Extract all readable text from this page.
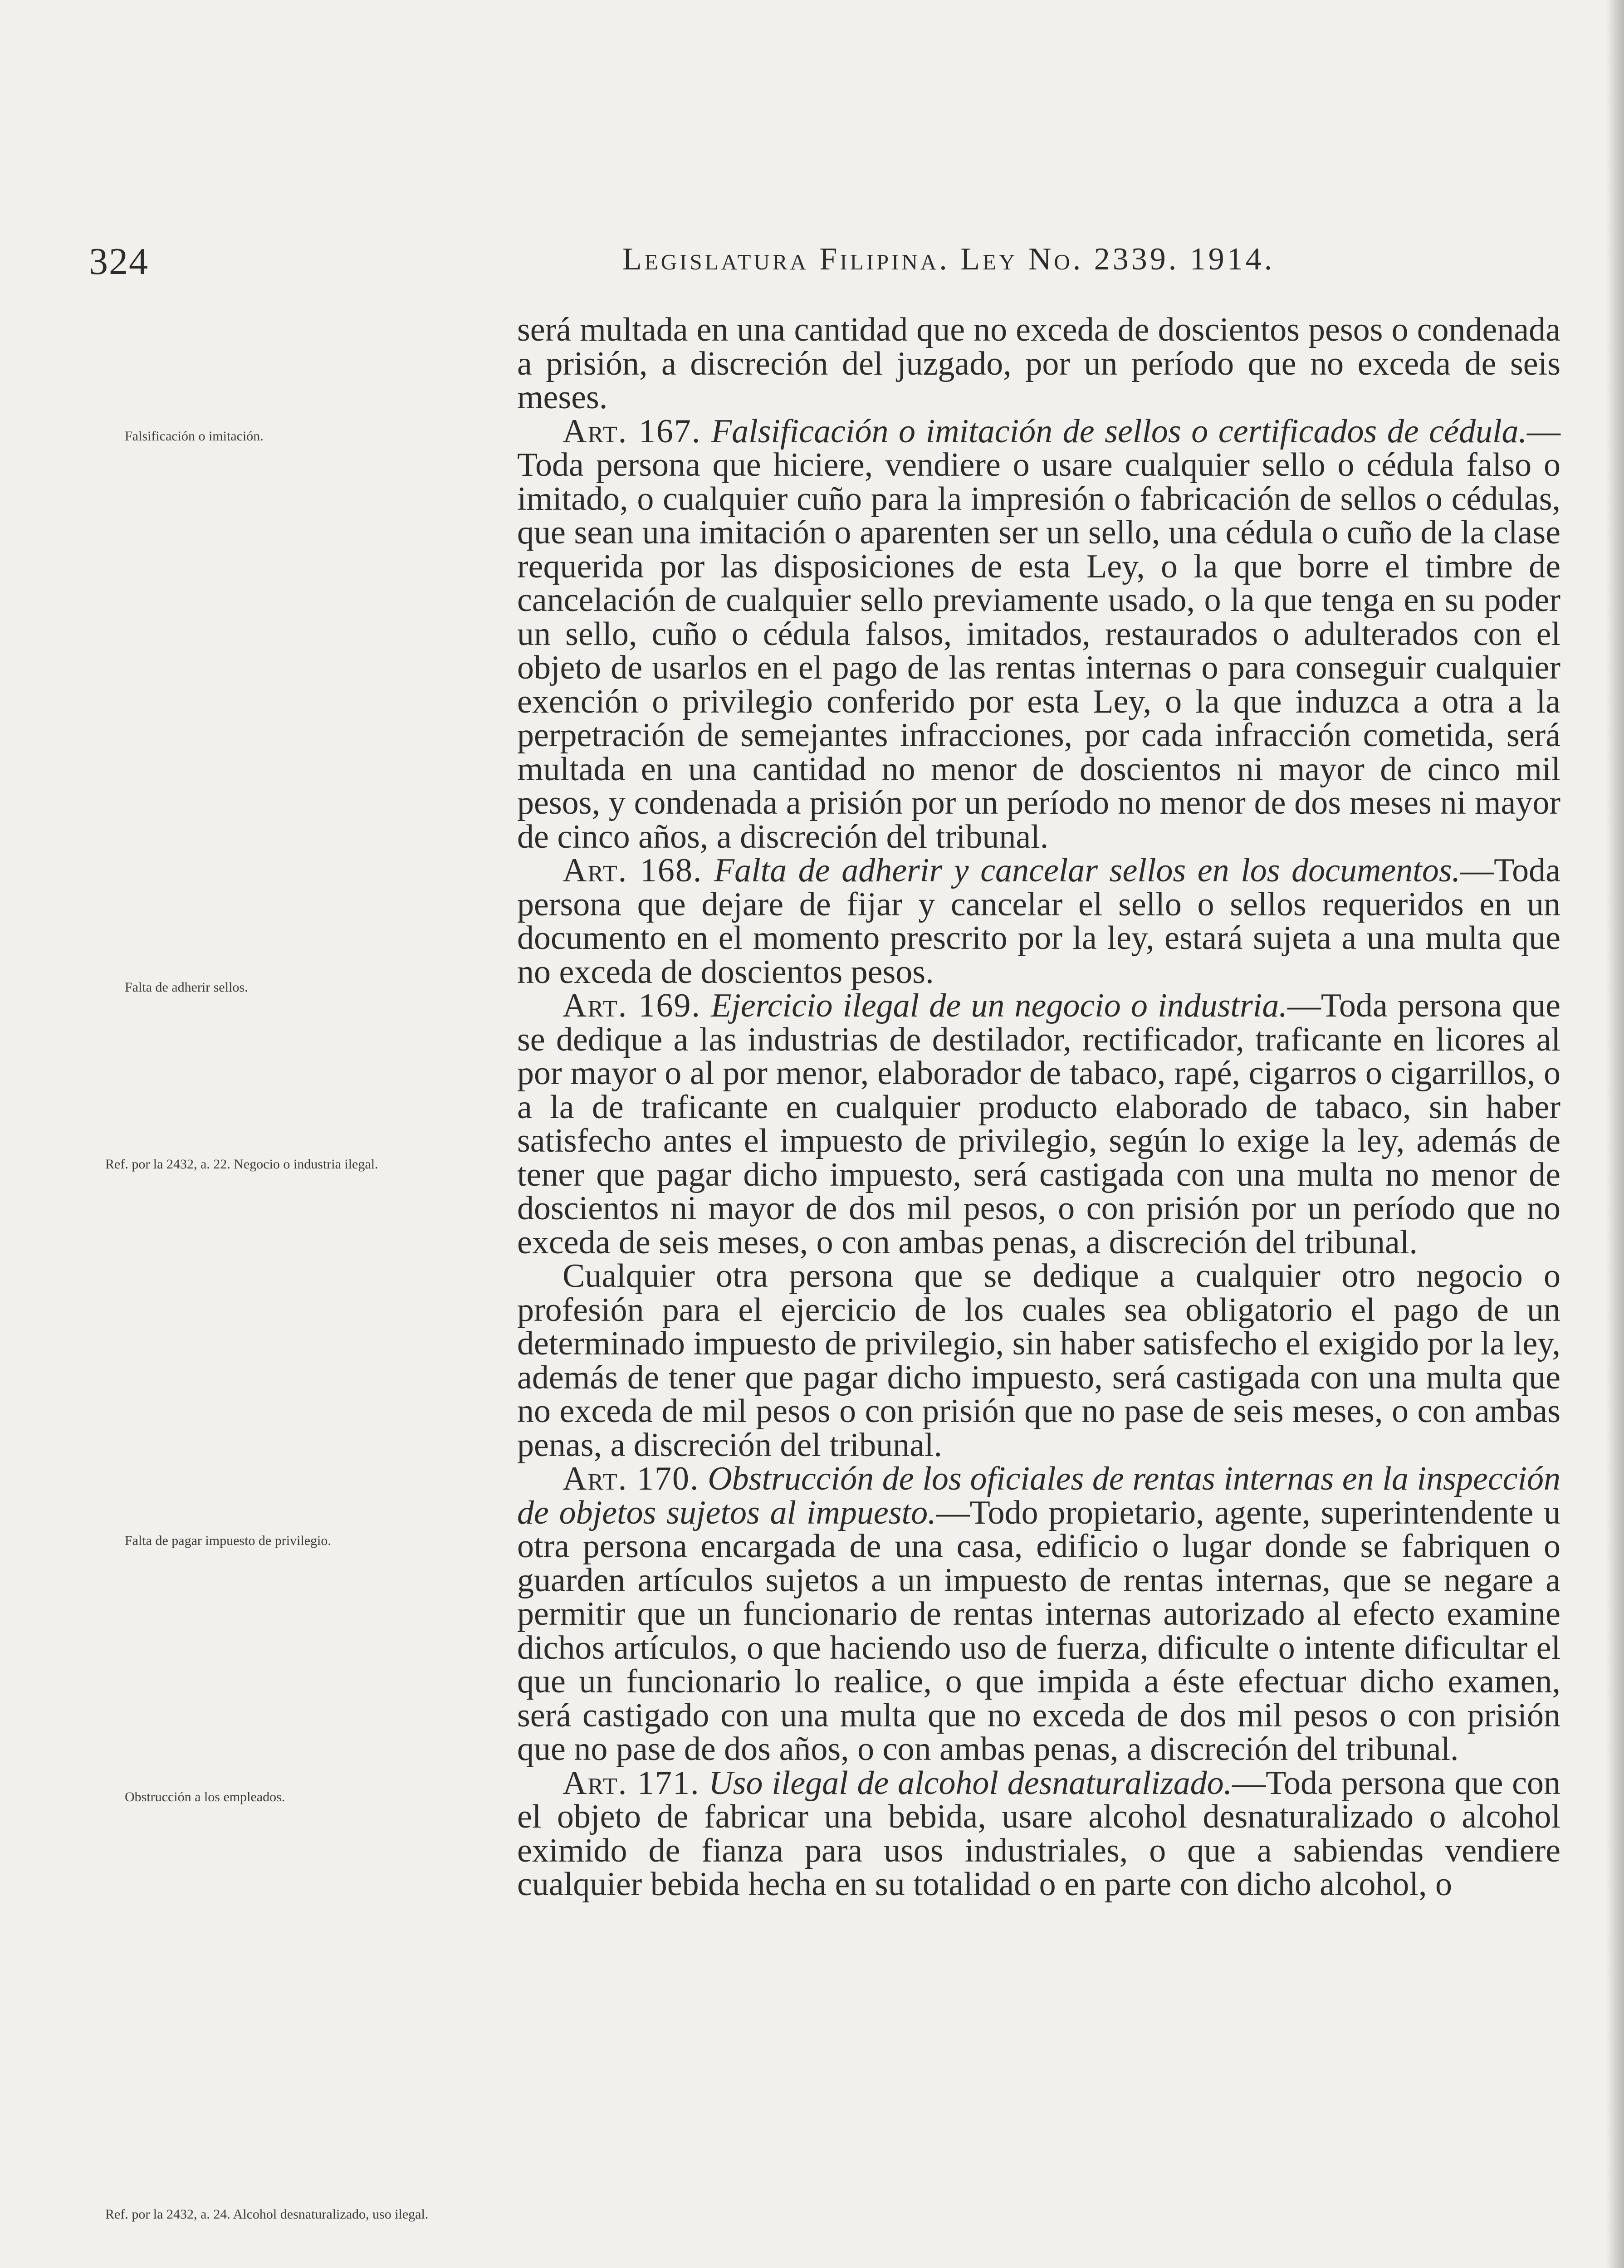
324	Legislatura Filipina. Ley No. 2339. 1914.
Falsificación o imitación.
Falta de adherir sellos.
Ref. por la 2432, a. 22. Negocio o industria ilegal.
Falta de pagar impuesto de privilegio.
Obstrucción a los empleados.
Ref. por la 2432, a. 24. Alcohol desnaturalizado, uso ilegal.

será multada en una cantidad que no exceda de doscientos pesos o condenada a prisión, a discreción del juzgado, por un período que no exceda de seis meses.

Art. 167. Falsificación o imitación de sellos o certificados de cédula.—Toda persona que hiciere, vendiere o usare cualquier sello o cédula falso o imitado, o cualquier cuño para la impresión o fabricación de sellos o cédulas, que sean una imitación o aparenten ser un sello, una cédula o cuño de la clase requerida por las disposiciones de esta Ley, o la que borre el timbre de cancelación de cualquier sello previamente usado, o la que tenga en su poder un sello, cuño o cédula falsos, imitados, restaurados o adulterados con el objeto de usarlos en el pago de las rentas internas o para conseguir cualquier exención o privilegio conferido por esta Ley, o la que induzca a otra a la perpetración de semejantes infracciones, por cada infracción cometida, será multada en una cantidad no menor de doscientos ni mayor de cinco mil pesos, y condenada a prisión por un período no menor de dos meses ni mayor de cinco años, a discreción del tribunal.

Art. 168. Falta de adherir y cancelar sellos en los documentos.—Toda persona que dejare de fijar y cancelar el sello o sellos requeridos en un documento en el momento prescrito por la ley, estará sujeta a una multa que no exceda de doscientos pesos.

Art. 169. Ejercicio ilegal de un negocio o industria.—Toda persona que se dedique a las industrias de destilador, rectificador, traficante en licores al por mayor o al por menor, elaborador de tabaco, rapé, cigarros o cigarrillos, o a la de traficante en cualquier producto elaborado de tabaco, sin haber satisfecho antes el impuesto de privilegio, según lo exige la ley, además de tener que pagar dicho impuesto, será castigada con una multa no menor de doscientos ni mayor de dos mil pesos, o con prisión por un período que no exceda de seis meses, o con ambas penas, a discreción del tribunal.

Cualquier otra persona que se dedique a cualquier otro negocio o profesión para el ejercicio de los cuales sea obligatorio el pago de un determinado impuesto de privilegio, sin haber satisfecho el exigido por la ley, además de tener que pagar dicho impuesto, será castigada con una multa que no exceda de mil pesos o con prisión que no pase de seis meses, o con ambas penas, a discreción del tribunal.

Art. 170. Obstrucción de los oficiales de rentas internas en la inspección de objetos sujetos al impuesto.—Todo propietario, agente, superintendente u otra persona encargada de una casa, edificio o lugar donde se fabriquen o guarden artículos sujetos a un impuesto de rentas internas, que se negare a permitir que un funcionario de rentas internas autorizado al efecto examine dichos artículos, o que haciendo uso de fuerza, dificulte o intente dificultar el que un funcionario lo realice, o que impida a éste efectuar dicho examen, será castigado con una multa que no exceda de dos mil pesos o con prisión que no pase de dos años, o con ambas penas, a discreción del tribunal.

Art. 171. Uso ilegal de alcohol desnaturalizado.—Toda persona que con el objeto de fabricar una bebida, usare alcohol desnaturalizado o alcohol eximido de fianza para usos industriales, o que a sabiendas vendiere cualquier bebida hecha en su totalidad o en parte con dicho alcohol, o
